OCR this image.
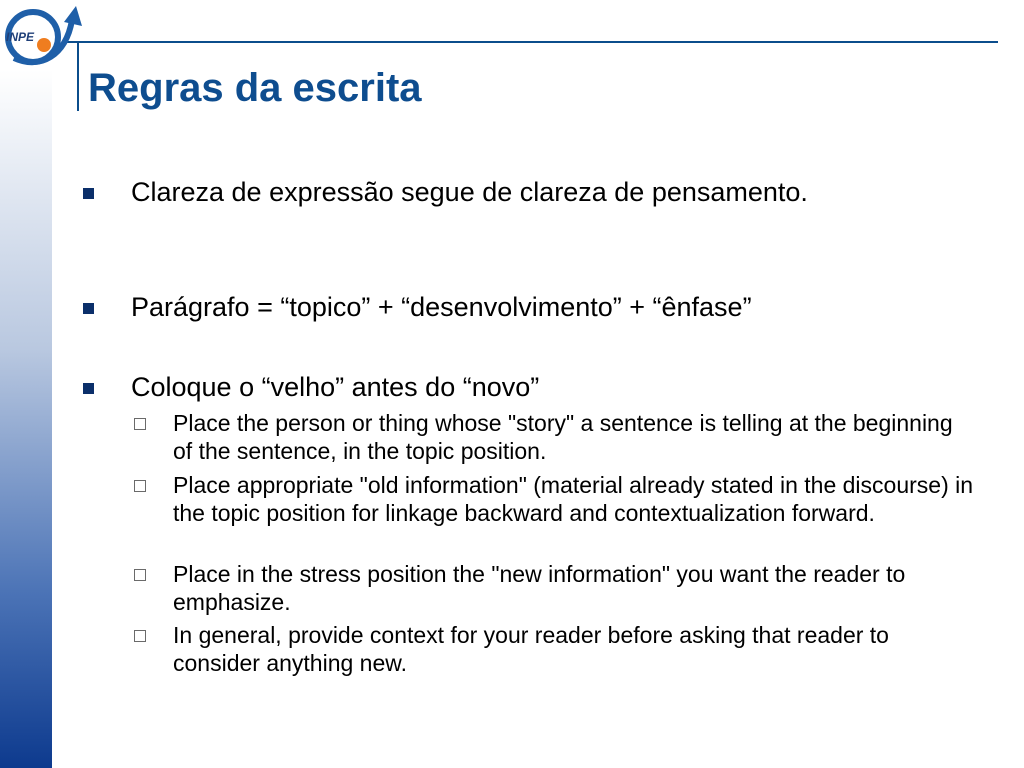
INPE
Regras da escrita
Clareza de expressão segue de clareza de pensamento.
Parágrafo = “topico” + “desenvolvimento” + “ênfase”
Coloque o “velho” antes do “novo”
Place the person or thing whose "story" a sentence is telling at the beginning of the sentence, in the topic position.
Place appropriate "old information" (material already stated in the discourse) in the topic position for linkage backward and contextualization forward.
Place in the stress position the "new information" you want the reader to emphasize.
In general, provide context for your reader before asking that reader to consider anything new.
